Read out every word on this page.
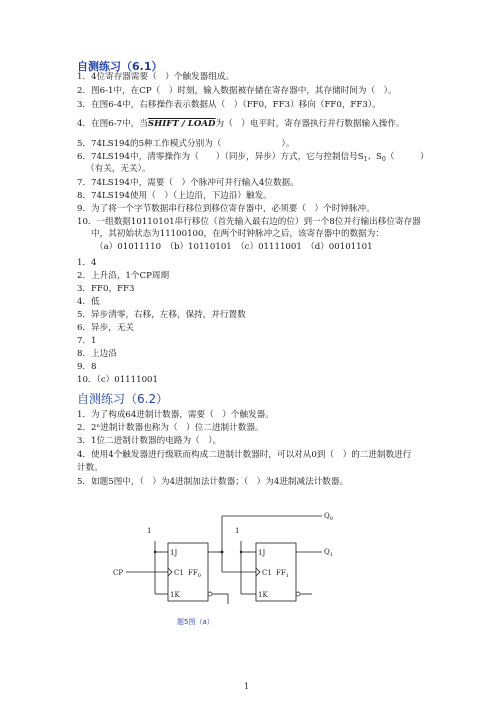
自测练习（6.1）
1．4位寄存器需要（　）个触发器组成。
2．图6-1中，在CP（　）时刻，输入数据被存储在寄存器中，其存储时间为（　）。
3．在图6-4中，右移操作表示数据从（　）（FF0，FF3）移向（FF0，FF3）。
4．在图6-7中，当SHIFT / LOAD为（　）电平时，寄存器执行并行数据输入操作。
5．74LS194的5种工作模式分别为（　　　　　　　）。
6．74LS194中，清零操作为（　　）（同步，异步）方式，它与控制信号$S_1$、$S_0$（　　　）
（有关，无关）。
7．74LS194中，需要（　）个脉冲可并行输入4位数据。
8．74LS194使用（　）（上边沿，下边沿）触发。
9．为了将一个字节数据串行移位到移位寄存器中，必须要（　）个时钟脉冲。
10．一组数据10110101串行移位（首先输入最右边的位）到一个8位并行输出移位寄存器
中，其初始状态为11100100，在两个时钟脉冲之后，该寄存器中的数据为：
（a）01011110　（b）10110101　（c）01111001　（d）00101101
1．4
2．上升沿，1个CP周期
3．FF0，FF3
4．低
5．异步清零，右移，左移，保持，并行置数
6．异步，无关
7．1
8．上边沿
9．8
10．（c）01111001
自测练习（6.2）
1．为了构成64进制计数器，需要（　）个触发器。
2．2ⁿ进制计数器也称为（　）位二进制计数器。
3．1位二进制计数器的电路为（　）。
4．使用4个触发器进行级联而构成二进制计数器时，可以对从0到（　）的二进制数进行
计数。
5．如题5图中，（　）为4进制加法计数器；（　）为4进制减法计数器。
1	1
$Q_0$
$Q_1$
CP
1J
C1 $FF_0$
1K
1J
C1 $FF_1$
1K
题5图（a）
1
